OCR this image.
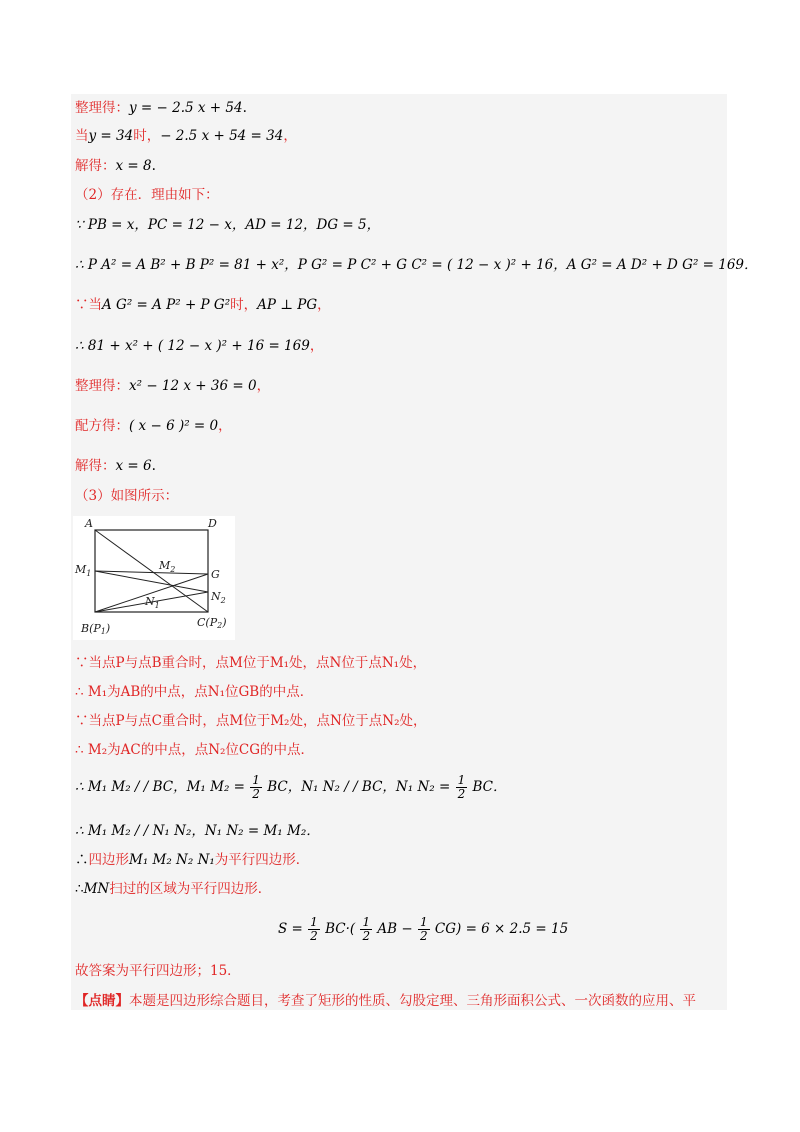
整理得：y = − 2.5 x + 54.
当y = 34时，− 2.5 x + 54 = 34，
解得：x = 8.
（2）存在．理由如下：
∵ PB = x，PC = 12 − x，AD = 12，DG = 5，
∴ P A² = A B² + B P² = 81 + x²，P G² = P C² + G C² = ( 12 − x )² + 16，A G² = A D² + D G² = 169．
∵当A G² = A P² + P G²时，AP ⊥ PG，
∴ 81 + x² + ( 12 − x )² + 16 = 169，
整理得：x² − 12 x + 36 = 0，
配方得：( x − 6 )² = 0，
解得：x = 6.
（3）如图所示：
A	D
$M_1$
$M_2$	G
$N_1$
$N_2$
B(P1)	C(P2)
∵当点P与点B重合时，点M位于M₁处，点N位于点N₁处，
∴ M₁为AB的中点，点N₁位GB的中点．
∵当点P与点C重合时，点M位于M₂处，点N位于点N₂处，
∴ M₂为AC的中点，点N₂位CG的中点．
∴ M₁ M₂ / / BC，M₁ $M_2 = \frac{1}{2}$ BC，N₁ N₂ / / BC，N₁ $N_2 = \frac{1}{2}$ BC．
∴ M₁ M₂ / / N₁ N₂，N₁ N₂ = M₁ M₂．
∴四边形M₁ M₂ N₂ N₁为平行四边形．
∴MN扫过的区域为平行四边形．
$S = \frac{1}{2} BC\cdot( \frac{1}{2}$ AB − $\frac{1}{2} CG) = 6 \times 2.5 = 15$
故答案为平行四边形；15．
【点睛】本题是四边形综合题目，考查了矩形的性质、勾股定理、三角形面积公式、一次函数的应用、平
